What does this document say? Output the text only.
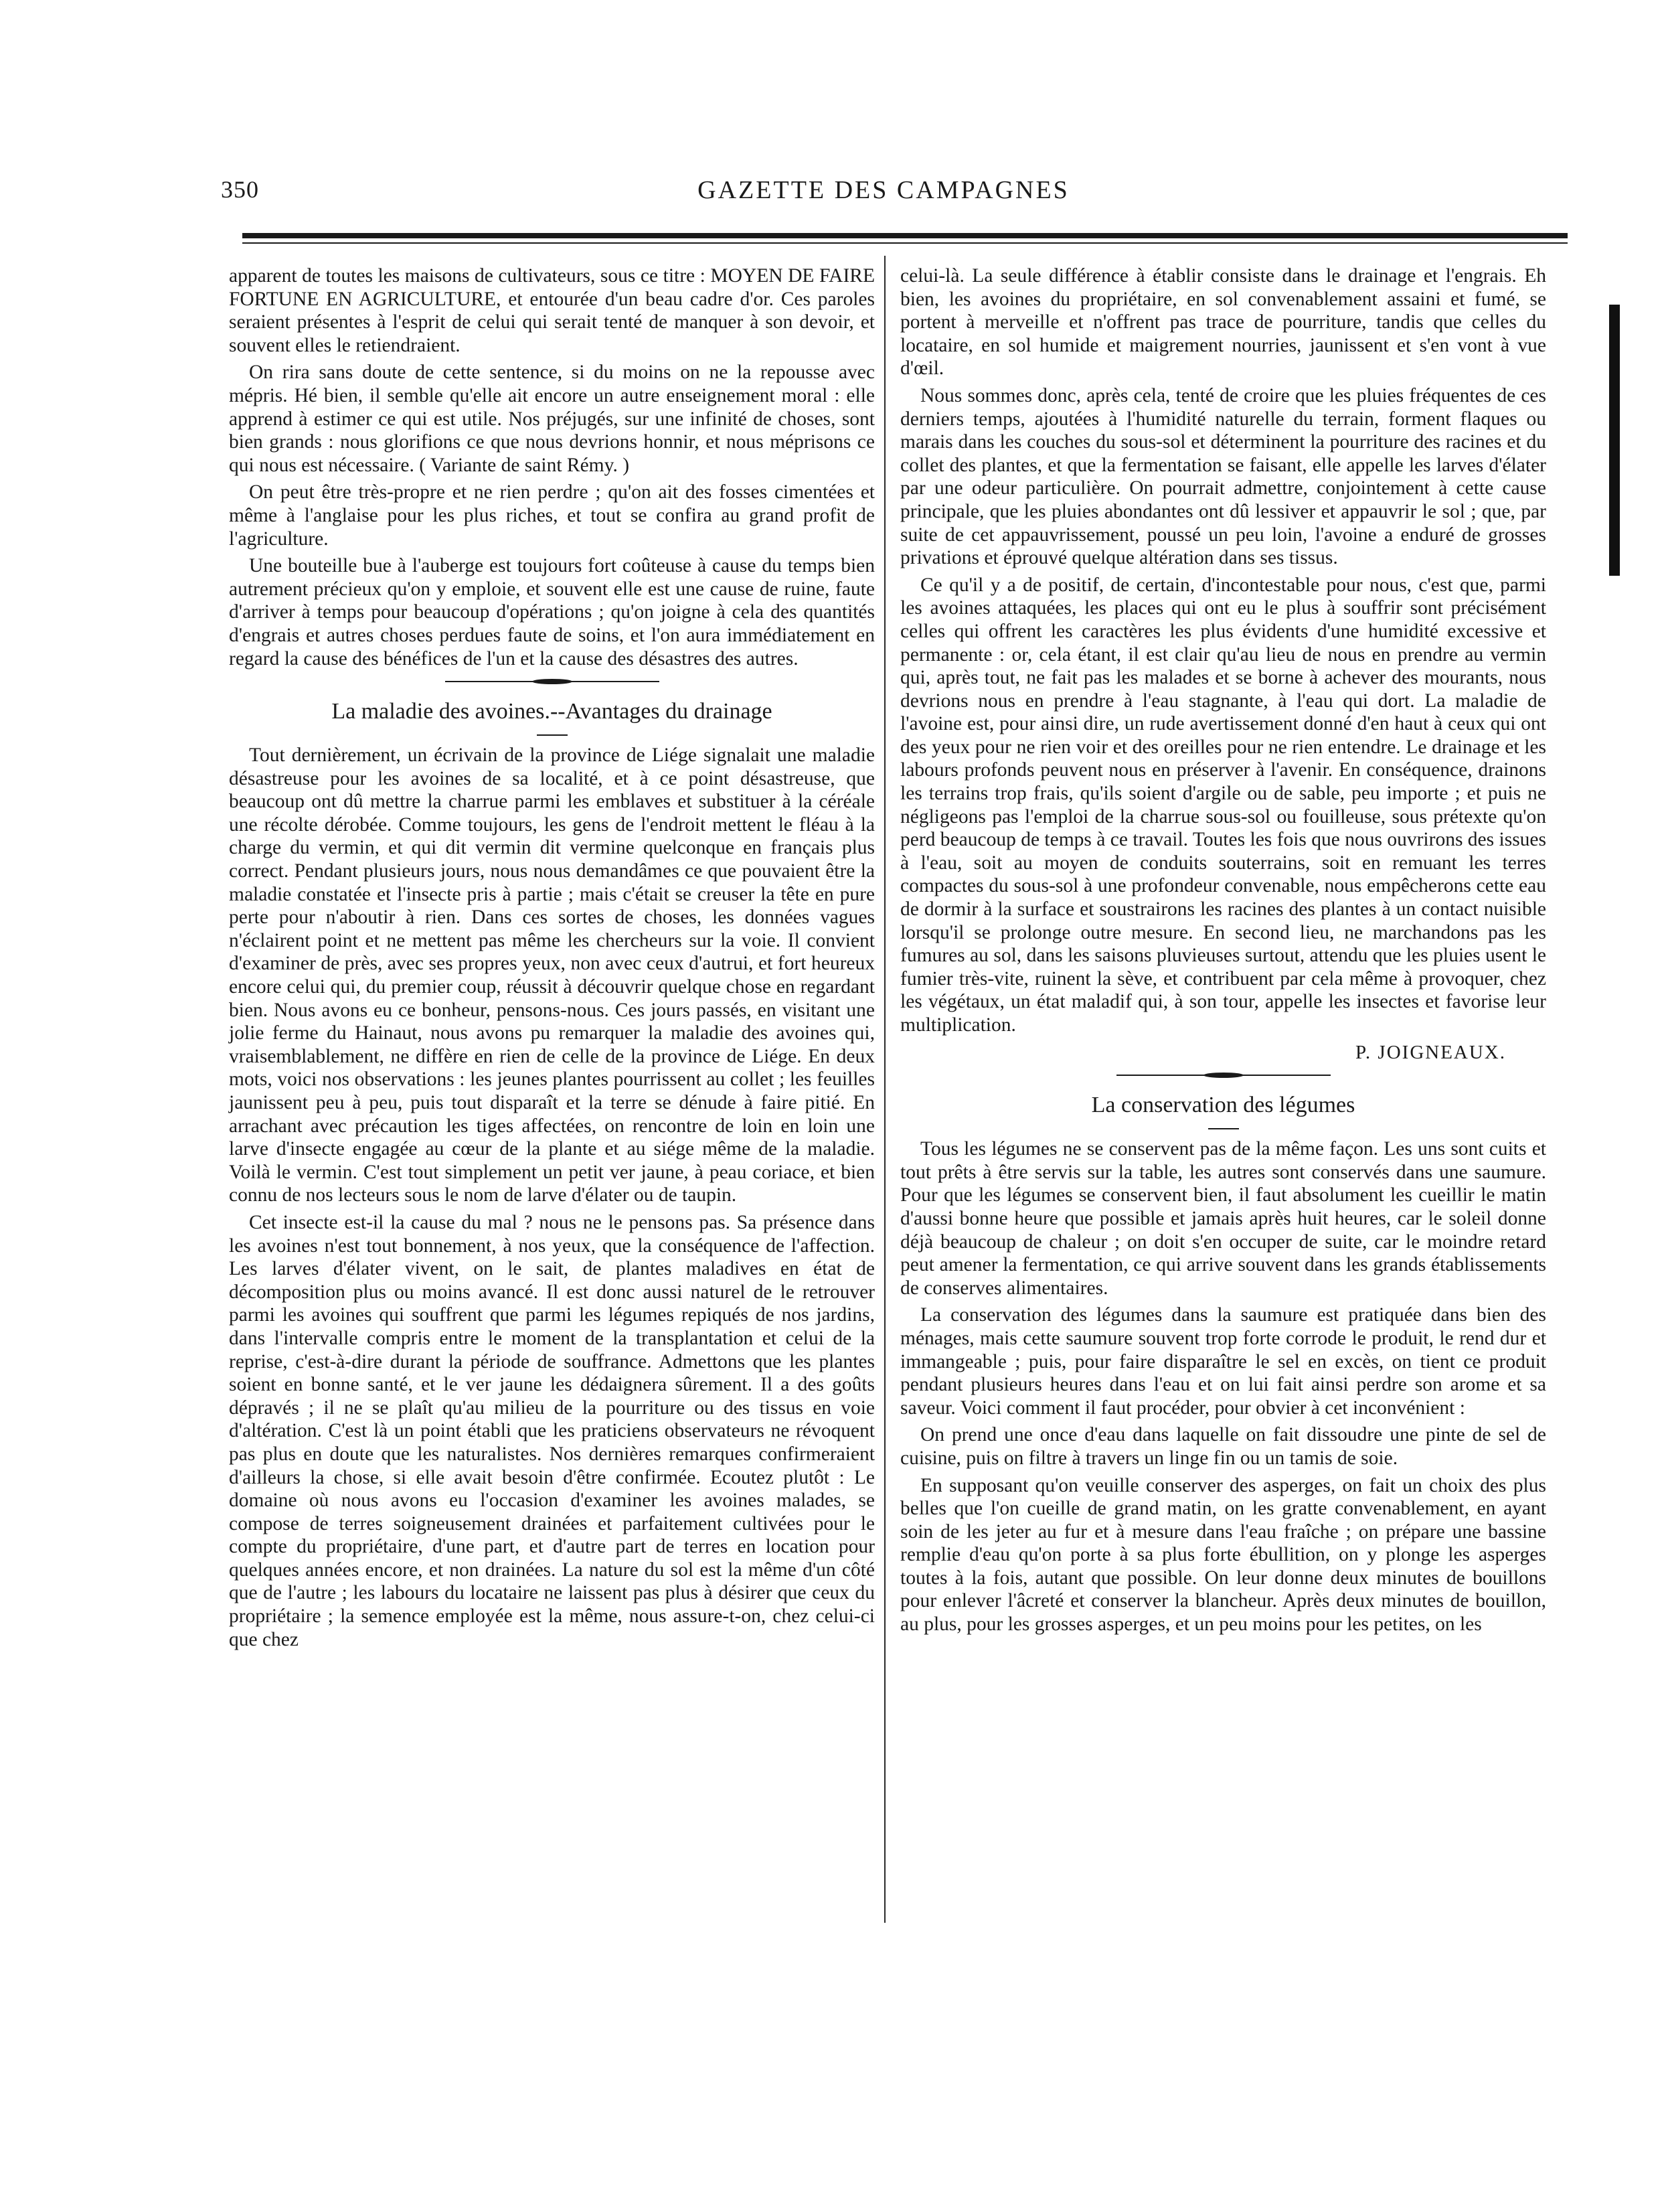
350	GAZETTE DES CAMPAGNES

apparent de toutes les maisons de cultivateurs, sous ce titre : MOYEN DE FAIRE FORTUNE EN AGRICULTURE, et entourée d'un beau cadre d'or. Ces paroles seraient présentes à l'esprit de celui qui serait tenté de manquer à son devoir, et souvent elles le retiendraient.

On rira sans doute de cette sentence, si du moins on ne la repousse avec mépris. Hé bien, il semble qu'elle ait encore un autre enseignement moral : elle apprend à estimer ce qui est utile. Nos préjugés, sur une infinité de choses, sont bien grands : nous glorifions ce que nous devrions honnir, et nous méprisons ce qui nous est nécessaire. ( Variante de saint Rémy. )

On peut être très-propre et ne rien perdre ; qu'on ait des fosses cimentées et même à l'anglaise pour les plus riches, et tout se confira au grand profit de l'agriculture.

Une bouteille bue à l'auberge est toujours fort coûteuse à cause du temps bien autrement précieux qu'on y emploie, et souvent elle est une cause de ruine, faute d'arriver à temps pour beaucoup d'opérations ; qu'on joigne à cela des quantités d'engrais et autres choses perdues faute de soins, et l'on aura immédiatement en regard la cause des bénéfices de l'un et la cause des désastres des autres.

La maladie des avoines.--Avantages du drainage

Tout dernièrement, un écrivain de la province de Liége signalait une maladie désastreuse pour les avoines de sa localité, et à ce point désastreuse, que beaucoup ont dû mettre la charrue parmi les emblaves et substituer à la céréale une récolte dérobée. Comme toujours, les gens de l'endroit mettent le fléau à la charge du vermin, et qui dit vermin dit vermine quelconque en français plus correct. Pendant plusieurs jours, nous nous demandâmes ce que pouvaient être la maladie constatée et l'insecte pris à partie ; mais c'était se creuser la tête en pure perte pour n'aboutir à rien. Dans ces sortes de choses, les données vagues n'éclairent point et ne mettent pas même les chercheurs sur la voie. Il convient d'examiner de près, avec ses propres yeux, non avec ceux d'autrui, et fort heureux encore celui qui, du premier coup, réussit à découvrir quelque chose en regardant bien. Nous avons eu ce bonheur, pensons-nous. Ces jours passés, en visitant une jolie ferme du Hainaut, nous avons pu remarquer la maladie des avoines qui, vraisemblablement, ne diffère en rien de celle de la province de Liége. En deux mots, voici nos observations : les jeunes plantes pourrissent au collet ; les feuilles jaunissent peu à peu, puis tout disparaît et la terre se dénude à faire pitié. En arrachant avec précaution les tiges affectées, on rencontre de loin en loin une larve d'insecte engagée au cœur de la plante et au siége même de la maladie. Voilà le vermin. C'est tout simplement un petit ver jaune, à peau coriace, et bien connu de nos lecteurs sous le nom de larve d'élater ou de taupin.

Cet insecte est-il la cause du mal ? nous ne le pensons pas. Sa présence dans les avoines n'est tout bonnement, à nos yeux, que la conséquence de l'affection. Les larves d'élater vivent, on le sait, de plantes maladives en état de décomposition plus ou moins avancé. Il est donc aussi naturel de le retrouver parmi les avoines qui souffrent que parmi les légumes repiqués de nos jardins, dans l'intervalle compris entre le moment de la transplantation et celui de la reprise, c'est-à-dire durant la période de souffrance. Admettons que les plantes soient en bonne santé, et le ver jaune les dédaignera sûrement. Il a des goûts dépravés ; il ne se plaît qu'au milieu de la pourriture ou des tissus en voie d'altération. C'est là un point établi que les praticiens observateurs ne révoquent pas plus en doute que les naturalistes. Nos dernières remarques confirmeraient d'ailleurs la chose, si elle avait besoin d'être confirmée. Ecoutez plutôt : Le domaine où nous avons eu l'occasion d'examiner les avoines malades, se compose de terres soigneusement drainées et parfaitement cultivées pour le compte du propriétaire, d'une part, et d'autre part de terres en location pour quelques années encore, et non drainées. La nature du sol est la même d'un côté que de l'autre ; les labours du locataire ne laissent pas plus à désirer que ceux du propriétaire ; la semence employée est la même, nous assure-t-on, chez celui-ci que chez

celui-là. La seule différence à établir consiste dans le drainage et l'engrais. Eh bien, les avoines du propriétaire, en sol convenablement assaini et fumé, se portent à merveille et n'offrent pas trace de pourriture, tandis que celles du locataire, en sol humide et maigrement nourries, jaunissent et s'en vont à vue d'œil.

Nous sommes donc, après cela, tenté de croire que les pluies fréquentes de ces derniers temps, ajoutées à l'humidité naturelle du terrain, forment flaques ou marais dans les couches du sous-sol et déterminent la pourriture des racines et du collet des plantes, et que la fermentation se faisant, elle appelle les larves d'élater par une odeur particulière. On pourrait admettre, conjointement à cette cause principale, que les pluies abondantes ont dû lessiver et appauvrir le sol ; que, par suite de cet appauvrissement, poussé un peu loin, l'avoine a enduré de grosses privations et éprouvé quelque altération dans ses tissus.

Ce qu'il y a de positif, de certain, d'incontestable pour nous, c'est que, parmi les avoines attaquées, les places qui ont eu le plus à souffrir sont précisément celles qui offrent les caractères les plus évidents d'une humidité excessive et permanente : or, cela étant, il est clair qu'au lieu de nous en prendre au vermin qui, après tout, ne fait pas les malades et se borne à achever des mourants, nous devrions nous en prendre à l'eau stagnante, à l'eau qui dort. La maladie de l'avoine est, pour ainsi dire, un rude avertissement donné d'en haut à ceux qui ont des yeux pour ne rien voir et des oreilles pour ne rien entendre. Le drainage et les labours profonds peuvent nous en préserver à l'avenir. En conséquence, drainons les terrains trop frais, qu'ils soient d'argile ou de sable, peu importe ; et puis ne négligeons pas l'emploi de la charrue sous-sol ou fouilleuse, sous prétexte qu'on perd beaucoup de temps à ce travail. Toutes les fois que nous ouvrirons des issues à l'eau, soit au moyen de conduits souterrains, soit en remuant les terres compactes du sous-sol à une profondeur convenable, nous empêcherons cette eau de dormir à la surface et soustrairons les racines des plantes à un contact nuisible lorsqu'il se prolonge outre mesure. En second lieu, ne marchandons pas les fumures au sol, dans les saisons pluvieuses surtout, attendu que les pluies usent le fumier très-vite, ruinent la sève, et contribuent par cela même à provoquer, chez les végétaux, un état maladif qui, à son tour, appelle les insectes et favorise leur multiplication.

P. JOIGNEAUX.
La conservation des légumes

Tous les légumes ne se conservent pas de la même façon. Les uns sont cuits et tout prêts à être servis sur la table, les autres sont conservés dans une saumure. Pour que les légumes se conservent bien, il faut absolument les cueillir le matin d'aussi bonne heure que possible et jamais après huit heures, car le soleil donne déjà beaucoup de chaleur ; on doit s'en occuper de suite, car le moindre retard peut amener la fermentation, ce qui arrive souvent dans les grands établissements de conserves alimentaires.

La conservation des légumes dans la saumure est pratiquée dans bien des ménages, mais cette saumure souvent trop forte corrode le produit, le rend dur et immangeable ; puis, pour faire disparaître le sel en excès, on tient ce produit pendant plusieurs heures dans l'eau et on lui fait ainsi perdre son arome et sa saveur. Voici comment il faut procéder, pour obvier à cet inconvénient :

On prend une once d'eau dans laquelle on fait dissoudre une pinte de sel de cuisine, puis on filtre à travers un linge fin ou un tamis de soie.

En supposant qu'on veuille conserver des asperges, on fait un choix des plus belles que l'on cueille de grand matin, on les gratte convenablement, en ayant soin de les jeter au fur et à mesure dans l'eau fraîche ; on prépare une bassine remplie d'eau qu'on porte à sa plus forte ébullition, on y plonge les asperges toutes à la fois, autant que possible. On leur donne deux minutes de bouillons pour enlever l'âcreté et conserver la blancheur. Après deux minutes de bouillon, au plus, pour les grosses asperges, et un peu moins pour les petites, on les
